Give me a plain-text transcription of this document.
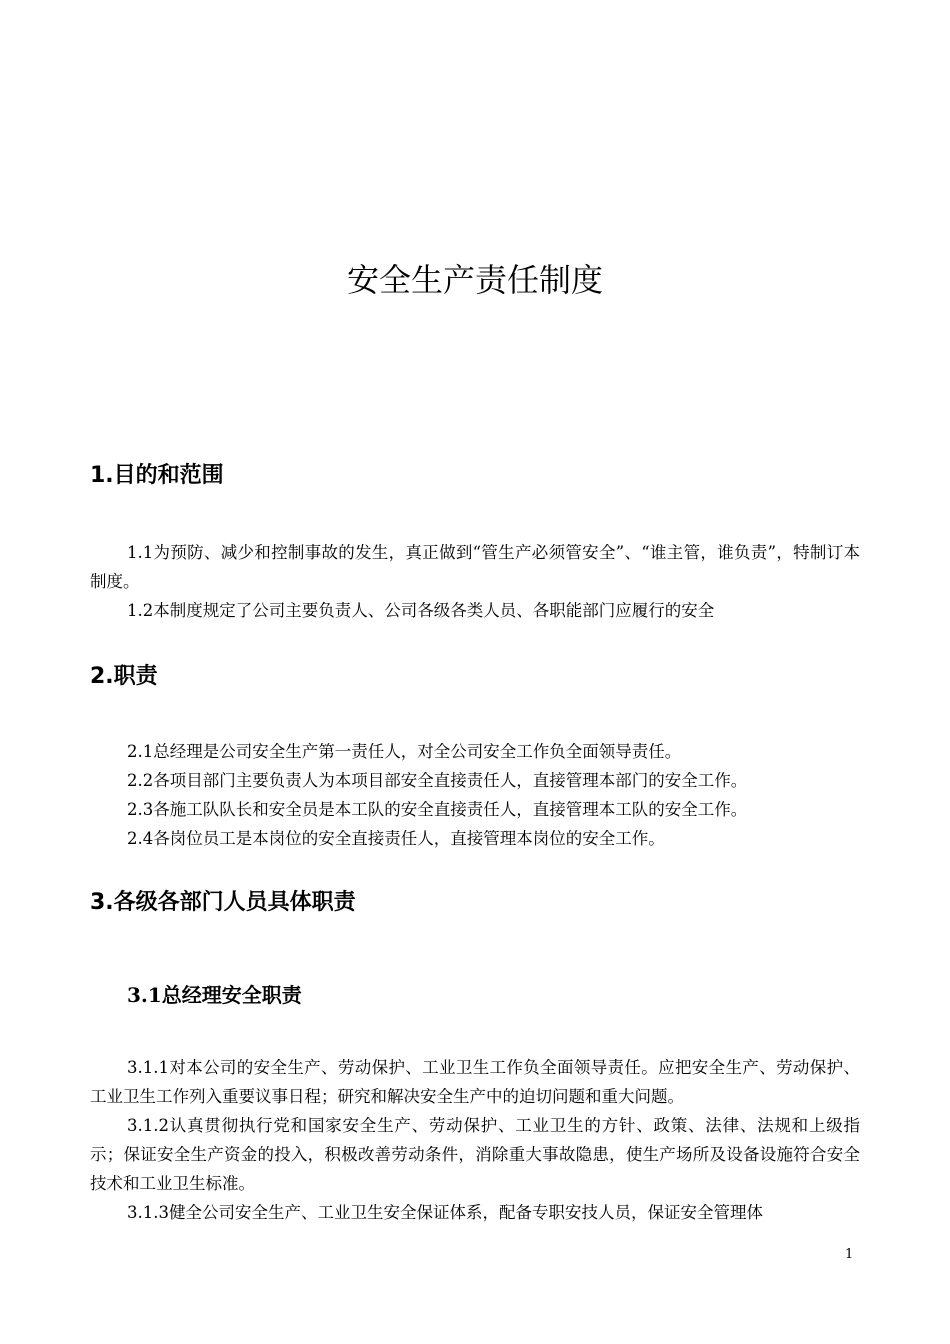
安全生产责任制度
1.目的和范围

1.1为预防、减少和控制事故的发生，真正做到“管生产必须管安全”、“谁主管，谁负责”，特制订本制度。

1.2本制度规定了公司主要负责人、公司各级各类人员、各职能部门应履行的安全

2.职责

2.1总经理是公司安全生产第一责任人，对全公司安全工作负全面领导责任。

2.2各项目部门主要负责人为本项目部安全直接责任人，直接管理本部门的安全工作。

2.3各施工队队长和安全员是本工队的安全直接责任人，直接管理本工队的安全工作。

2.4各岗位员工是本岗位的安全直接责任人，直接管理本岗位的安全工作。

3.各级各部门人员具体职责
3.1总经理安全职责

3.1.1对本公司的安全生产、劳动保护、工业卫生工作负全面领导责任。应把安全生产、劳动保护、工业卫生工作列入重要议事日程；研究和解决安全生产中的迫切问题和重大问题。

3.1.2认真贯彻执行党和国家安全生产、劳动保护、工业卫生的方针、政策、法律、法规和上级指示；保证安全生产资金的投入，积极改善劳动条件，消除重大事故隐患，使生产场所及设备设施符合安全技术和工业卫生标准。

3.1.3健全公司安全生产、工业卫生安全保证体系，配备专职安技人员，保证安全管理体

1
